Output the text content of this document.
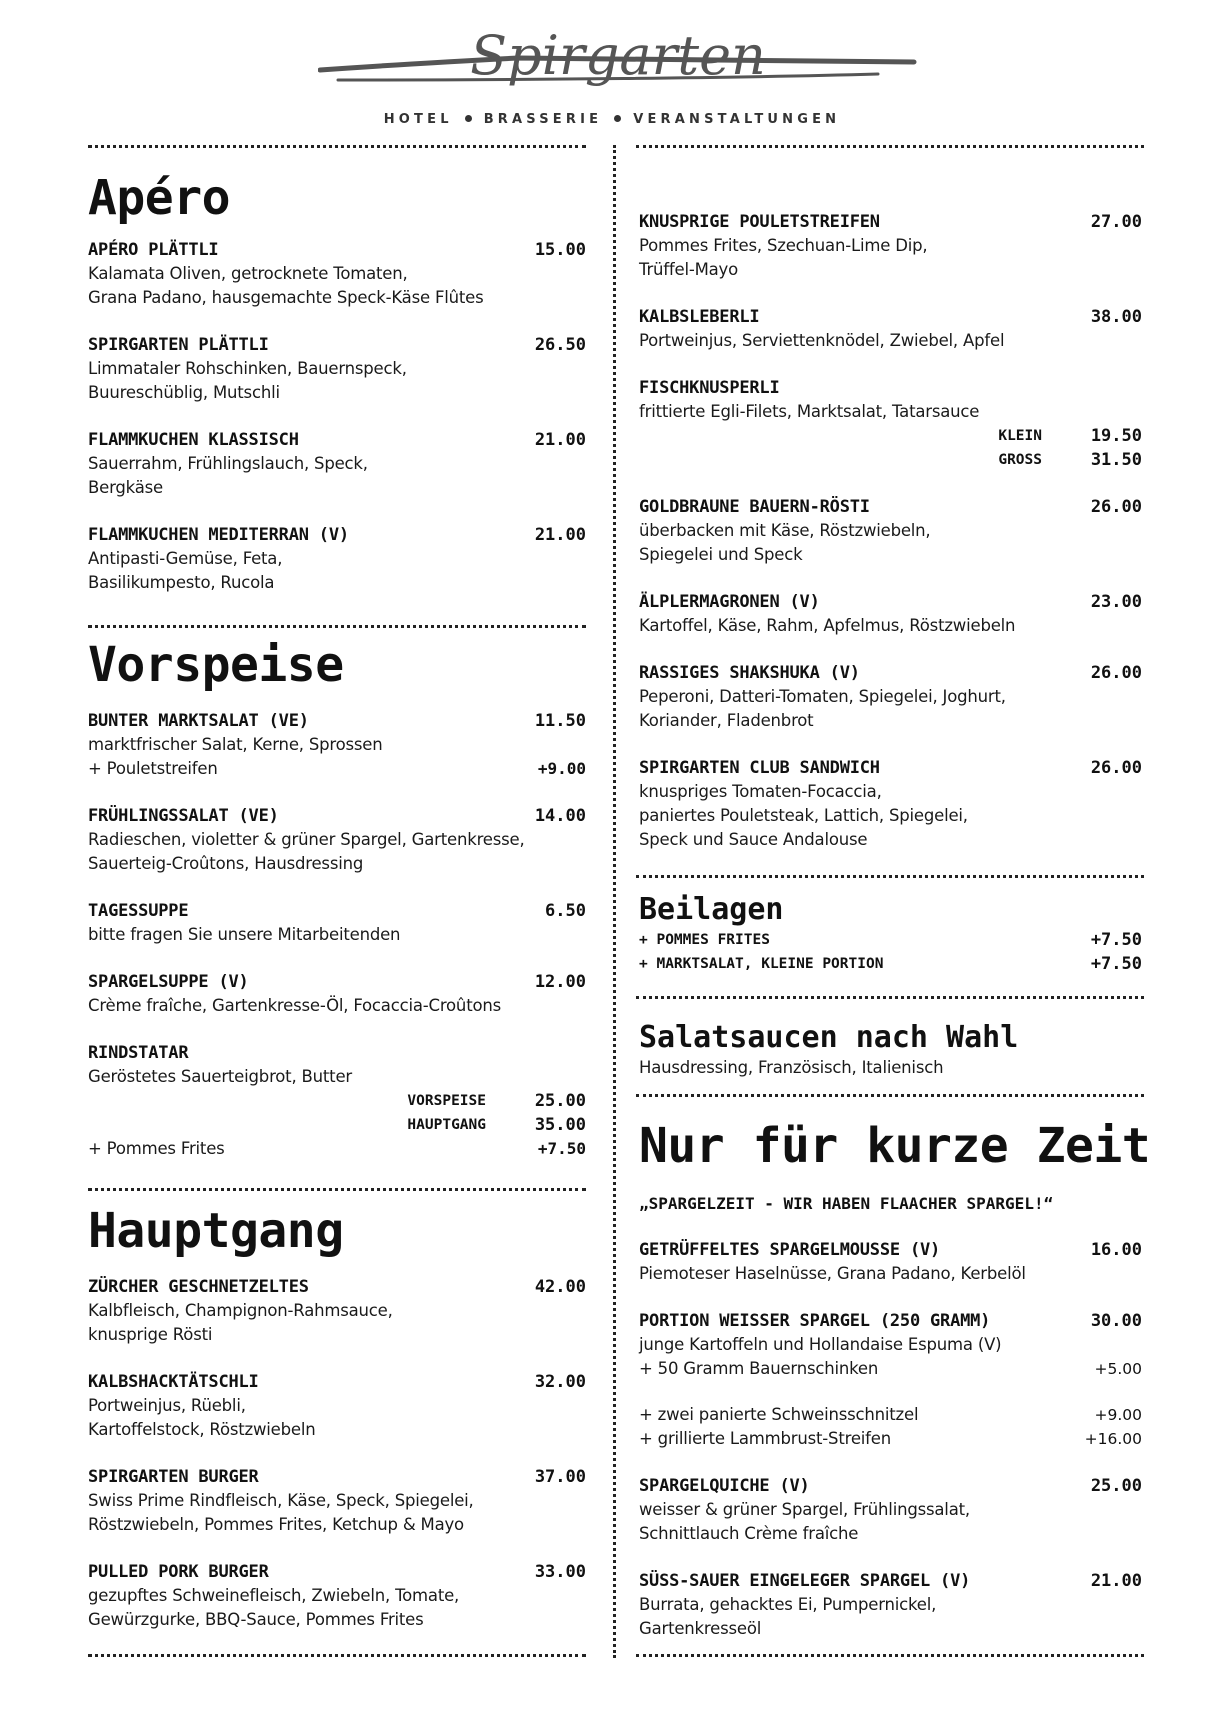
Spirgarten
HOTEL BRASSERIE VERANSTALTUNGEN
Apéro
APÉRO PLÄTTLI	15.00
Kalamata Oliven, getrocknete Tomaten,
Grana Padano, hausgemachte Speck-Käse Flûtes
SPIRGARTEN PLÄTTLI	26.50
Limmataler Rohschinken, Bauernspeck,
Buureschüblig, Mutschli
FLAMMKUCHEN KLASSISCH	21.00
Sauerrahm, Frühlingslauch, Speck,
Bergkäse
FLAMMKUCHEN MEDITERRAN (V)	21.00
Antipasti-Gemüse, Feta,
Basilikumpesto, Rucola
Vorspeise
BUNTER MARKTSALAT (VE)	11.50
marktfrischer Salat, Kerne, Sprossen
+ Pouletstreifen	+9.00
FRÜHLINGSSALAT (VE)	14.00
Radieschen, violetter & grüner Spargel, Gartenkresse,
Sauerteig-Croûtons, Hausdressing
TAGESSUPPE	6.50
bitte fragen Sie unsere Mitarbeitenden
SPARGELSUPPE (V)	12.00
Crème fraîche, Gartenkresse-Öl, Focaccia-Croûtons
RINDSTATAR
Geröstetes Sauerteigbrot, Butter
VORSPEISE	25.00
HAUPTGANG	35.00
+ Pommes Frites	+7.50
Hauptgang
ZÜRCHER GESCHNETZELTES	42.00
Kalbfleisch, Champignon-Rahmsauce,
knusprige Rösti
KALBSHACKTÄTSCHLI	32.00
Portweinjus, Rüebli,
Kartoffelstock, Röstzwiebeln
SPIRGARTEN BURGER	37.00
Swiss Prime Rindfleisch, Käse, Speck, Spiegelei,
Röstzwiebeln, Pommes Frites, Ketchup & Mayo
PULLED PORK BURGER	33.00
gezupftes Schweinefleisch, Zwiebeln, Tomate,
Gewürzgurke, BBQ-Sauce, Pommes Frites
KNUSPRIGE POULETSTREIFEN	27.00
Pommes Frites, Szechuan-Lime Dip,
Trüffel-Mayo
KALBSLEBERLI	38.00
Portweinjus, Serviettenknödel, Zwiebel, Apfel
FISCHKNUSPERLI
frittierte Egli-Filets, Marktsalat, Tatarsauce
KLEIN	19.50
GROSS	31.50
GOLDBRAUNE BAUERN-RÖSTI	26.00
überbacken mit Käse, Röstzwiebeln,
Spiegelei und Speck
ÄLPLERMAGRONEN (V)	23.00
Kartoffel, Käse, Rahm, Apfelmus, Röstzwiebeln
RASSIGES SHAKSHUKA (V)	26.00
Peperoni, Datteri-Tomaten, Spiegelei, Joghurt,
Koriander, Fladenbrot
SPIRGARTEN CLUB SANDWICH	26.00
knuspriges Tomaten-Focaccia,
paniertes Pouletsteak, Lattich, Spiegelei,
Speck und Sauce Andalouse
Beilagen
+ POMMES FRITES	+7.50
+ MARKTSALAT, KLEINE PORTION	+7.50
Salatsaucen nach Wahl
Hausdressing, Französisch, Italienisch
Nur für kurze Zeit
„SPARGELZEIT - WIR HABEN FLAACHER SPARGEL!“
GETRÜFFELTES SPARGELMOUSSE (V)	16.00
Piemoteser Haselnüsse, Grana Padano, Kerbelöl
PORTION WEISSER SPARGEL (250 GRAMM)	30.00
junge Kartoffeln und Hollandaise Espuma (V)
+ 50 Gramm Bauernschinken	+5.00
+ zwei panierte Schweinsschnitzel	+9.00
+ grillierte Lammbrust-Streifen	+16.00
SPARGELQUICHE (V)	25.00
weisser & grüner Spargel, Frühlingssalat,
Schnittlauch Crème fraîche
SÜSS-SAUER EINGELEGER SPARGEL (V)	21.00
Burrata, gehacktes Ei, Pumpernickel,
Gartenkresseöl
